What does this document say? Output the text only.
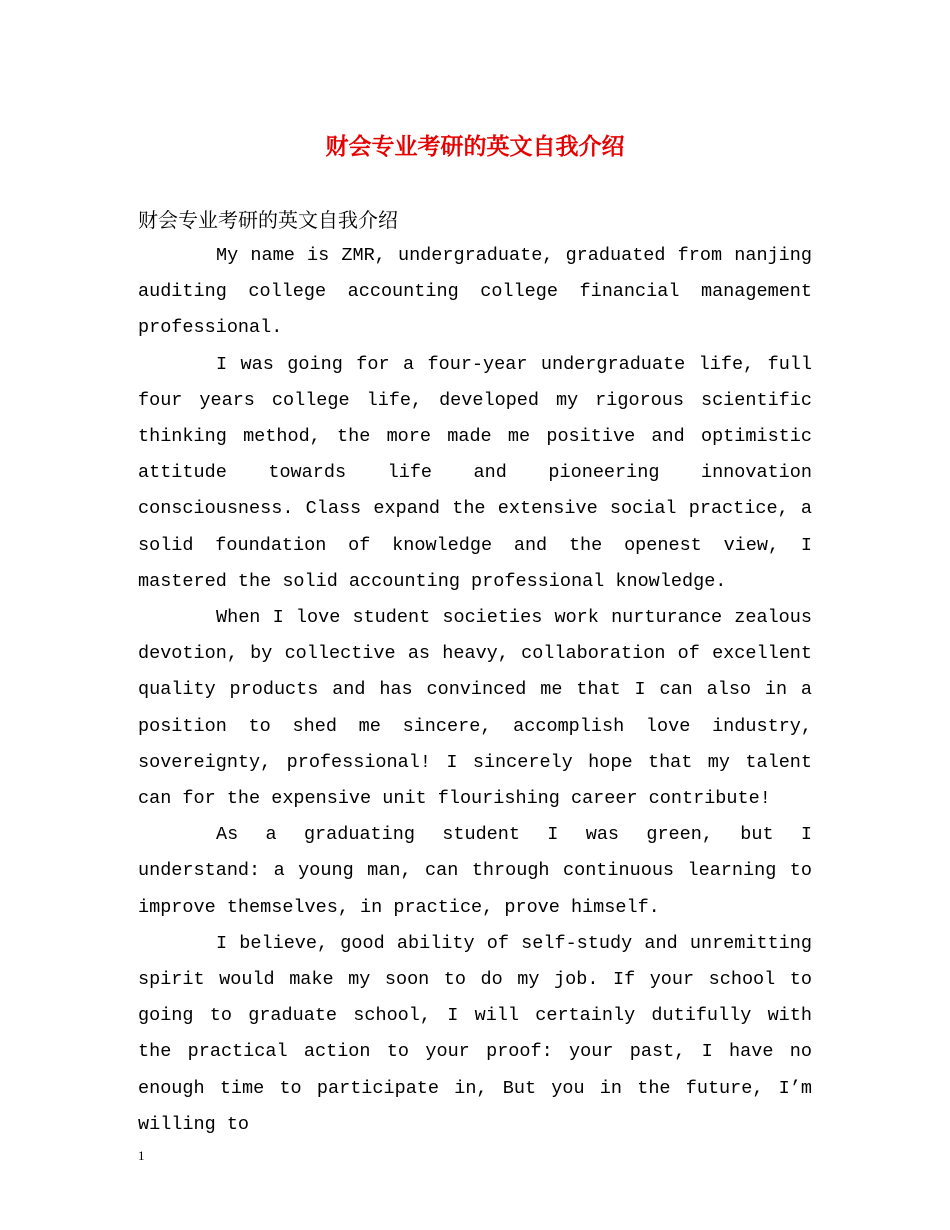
财会专业考研的英文自我介绍
财会专业考研的英文自我介绍

My name is ZMR, undergraduate, graduated from nanjing auditing college accounting college financial management professional.

I was going for a four-year undergraduate life, full four years college life, developed my rigorous scientific thinking method, the more made me positive and optimistic attitude towards life and pioneering innovation consciousness. Class expand the extensive social practice, a solid foundation of knowledge and the openest view, I mastered the solid accounting professional knowledge.

When I love student societies work nurturance zealous devotion, by collective as heavy, collaboration of excellent quality products and has convinced me that I can also in a position to shed me sincere, accomplish love industry, sovereignty, professional! I sincerely hope that my talent can for the expensive unit flourishing career contribute!

As a graduating student I was green, but I understand: a young man, can through continuous learning to improve themselves, in practice, prove himself.

I believe, good ability of self-study and unremitting spirit would make my soon to do my job. If your school to going to graduate school, I will certainly dutifully with the practical action to your proof: your past, I have no enough time to participate in, But you in the future, I’m willing to

1
